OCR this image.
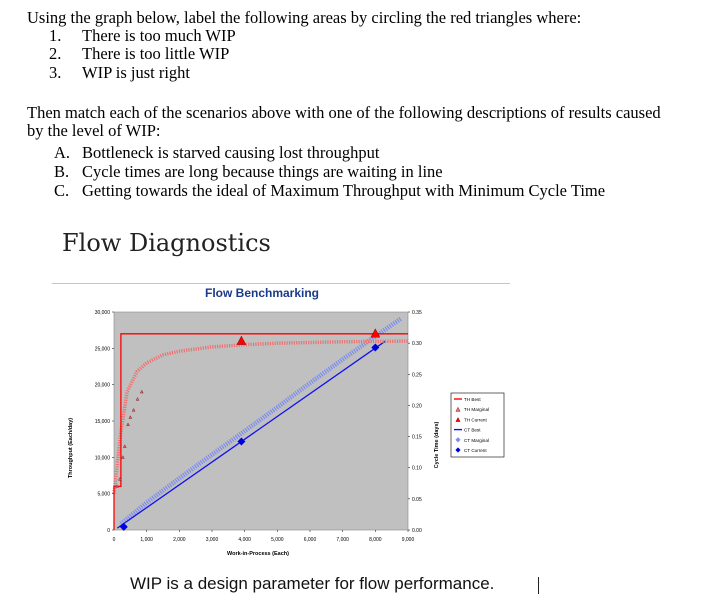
Using the graph below, label the following areas by circling the red triangles where:
1. There is too much WIP
2. There is too little WIP
3. WIP is just right
Then match each of the scenarios above with one of the following descriptions of results caused
by the level of WIP:
A. Bottleneck is starved causing lost throughput
B. Cycle times are long because things are waiting in line
C. Getting towards the ideal of Maximum Throughput with Minimum Cycle Time
Flow Diagnostics
Flow Benchmarking
0	1,000	2,000	3,000	4,000	5,000	6,000	7,000	8,000	9,000
0
5,000
10,000
15,000
20,000
25,000
30,000
0.00
0.05
0.10
0.15
0.20
0.25
0.30
0.35
Work-in-Process (Each)
Throughput (Each/day)	Cycle Time (days)
TH Best
TH Marginal
TH Current
CT Best
CT Marginal
CT Current
WIP is a design parameter for flow performance.
